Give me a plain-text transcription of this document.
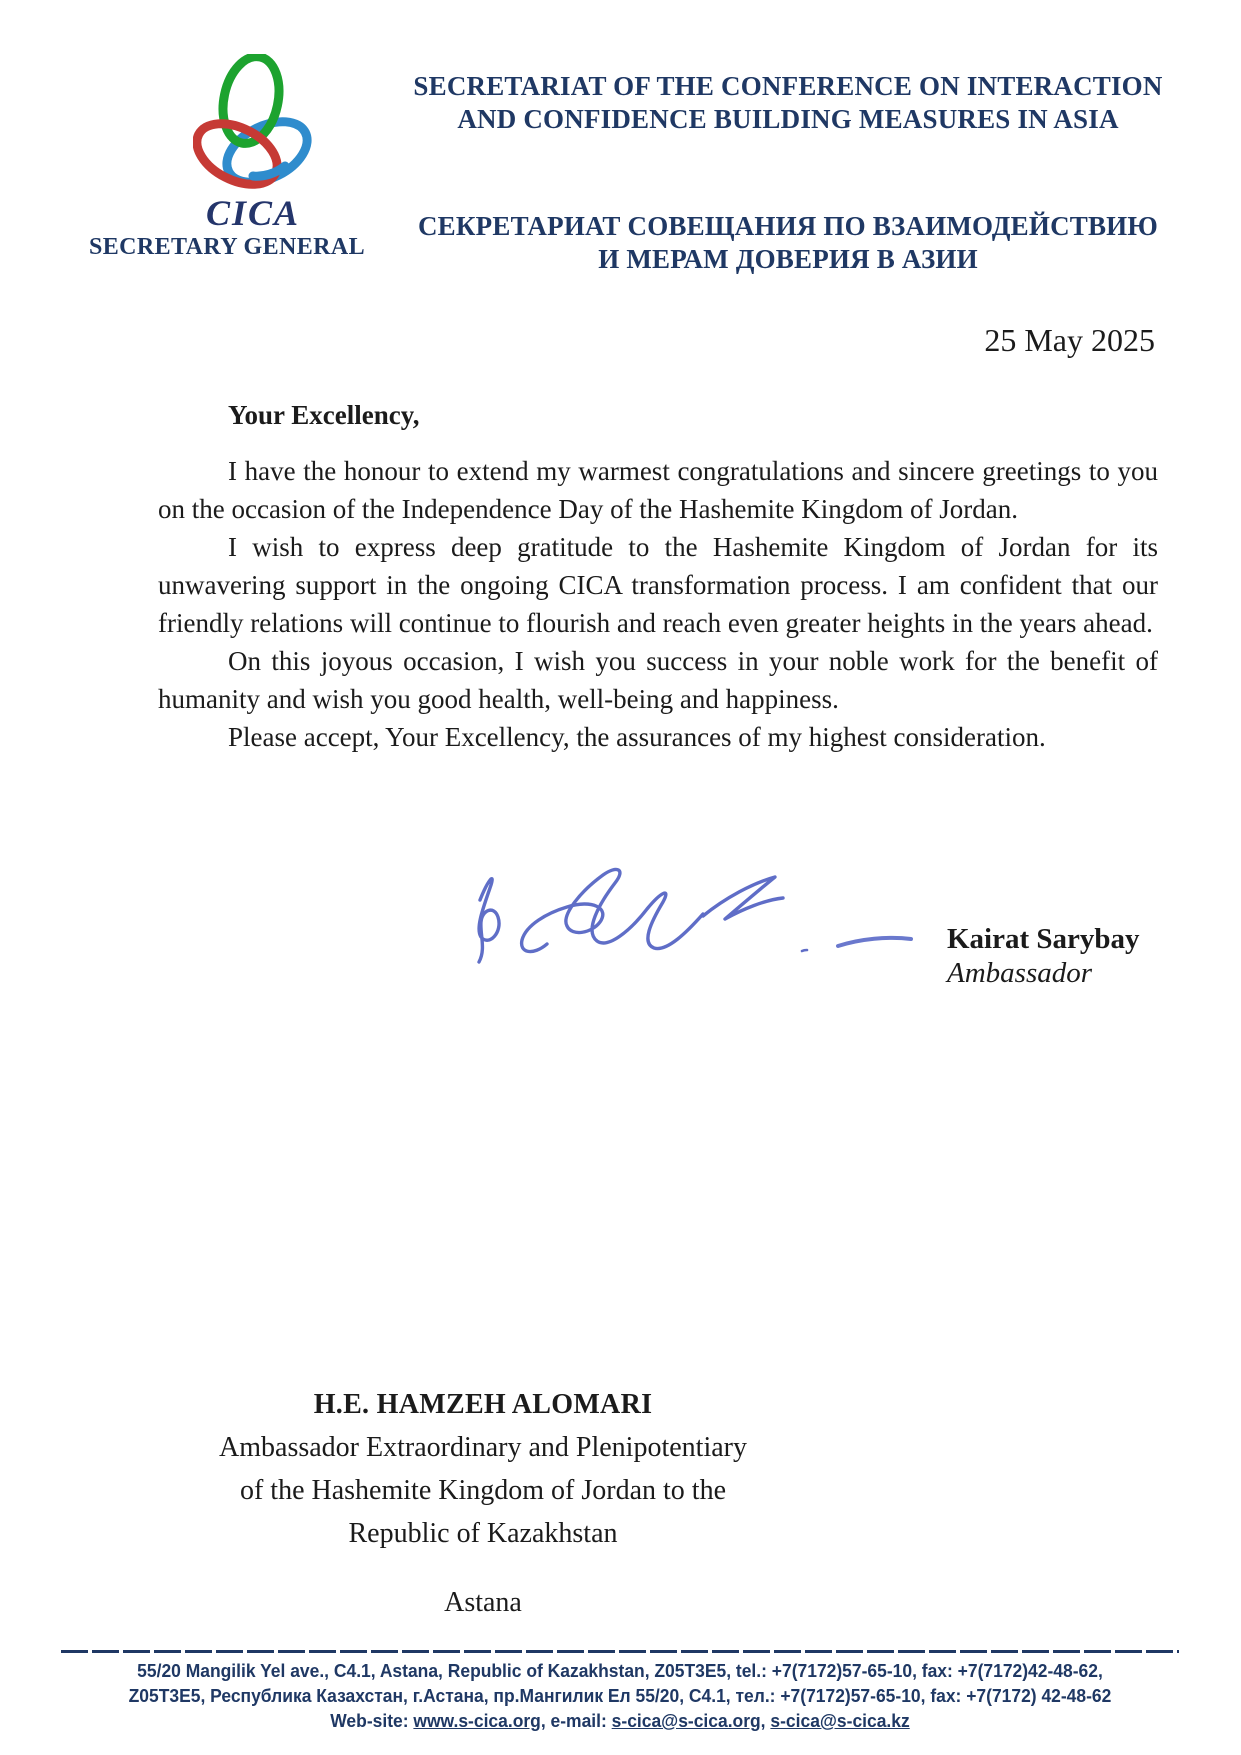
CICA
SECRETARY GENERAL
SECRETARIAT OF THE CONFERENCE ON INTERACTION
AND CONFIDENCE BUILDING MEASURES IN ASIA
СЕКРЕТАРИАТ СОВЕЩАНИЯ ПО ВЗАИМОДЕЙСТВИЮ
И МЕРАМ ДОВЕРИЯ В АЗИИ
25 May 2025
Your Excellency,

I have the honour to extend my warmest congratulations and sincere greetings to you on the occasion of the Independence Day of the Hashemite Kingdom of Jordan.

I wish to express deep gratitude to the Hashemite Kingdom of Jordan for its unwavering support in the ongoing CICA transformation process. I am confident that our friendly relations will continue to flourish and reach even greater heights in the years ahead.

On this joyous occasion, I wish you success in your noble work for the benefit of humanity and wish you good health, well-being and happiness.

Please accept, Your Excellency, the assurances of my highest consideration.

Kairat Sarybay
Ambassador
H.E. HAMZEH ALOMARI
Ambassador Extraordinary and Plenipotentiary
of the Hashemite Kingdom of Jordan to the
Republic of Kazakhstan
Astana
55/20 Mangilik Yel ave., C4.1, Astana, Republic of Kazakhstan, Z05T3E5, tel.: +7(7172)57-65-10, fax: +7(7172)42-48-62,
Z05T3E5, Республика Казахстан, г.Астана, пр.Мангилик Ел 55/20, С4.1, тел.: +7(7172)57-65-10, fax: +7(7172) 42-48-62
Web-site: www.s-cica.org, e-mail: s-cica@s-cica.org, s-cica@s-cica.kz
